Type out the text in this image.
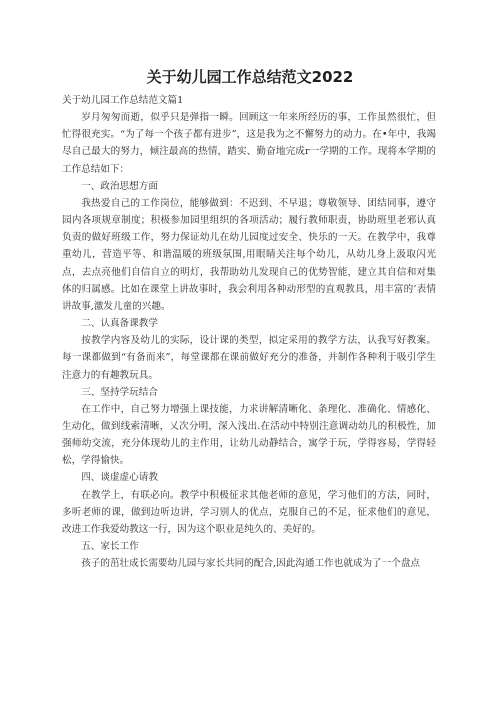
关于幼儿园工作总结范文2022

关于幼儿园工作总结范文篇1

岁月匆匆而逝，似乎只是弹指一瞬。回顾这一年来所经历的事，工作虽然很忙，但忙得很充实。“为了每一个孩子都有进步”，这是我为之不懈努力的动力。在•年中，我竭尽自己最大的努力，倾注最高的热情，踏实、勤奋地完成r一学期的工作。现将本学期的工作总结如下：

一、政治思想方面

我热爱自己的工作岗位，能够做到：不迟到、不早退；尊敬领导、团结同事，遵守园内各项规章制度；积极参加园里组织的各项活动；履行教师职责，协助班里老邪认真负责的做好班级工作，努力保证幼儿在幼儿园度过安全、快乐的一天。在教学中，我尊重幼儿，营造平等、和谐温暖的班级氛围,用眼睛关注每个幼儿，从幼儿身上汲取闪光点，去点亮他们自信自立的明灯，我帮助幼儿发现自己的优势智能，建立其自信和对集体的归属感。比如在课堂上讲故事时，我会利用各种动形型的直观教具，用丰富的’表情讲故事,激发儿童的兴趣。

二、认真备课教学

按教学内容及幼儿的实际，设计课的类型，拟定采用的教学方法，认我写好教案。每一课都做到“有备而来”，每堂课都在课前做好充分的准备，并制作各种利于吸引学生注意力的有趣教玩具。

三、坚持学玩结合

在工作中，自己努力增强上课技能，力求讲解清晰化、条理化、准确化、情感化、生动化，做到线索清晰，乂次分明，深入浅出.在活动中特别注意调动幼儿的积极性，加强师幼交流，充分体现幼儿的主作用，让幼儿动静结合，寓学于玩，学得容易，学得轻松，学得愉快。

四、谈虚虚心请教

在教学上，有联必向。教学中积极征求其他老师的意见，学习他们的方法，同时，多听老师的课，做到边听边讲，学习别人的优点，克服自己的不足，征求他们的意见，改进工作我爱幼教这一行，因为这个职业是纯久的、美好的。

五、家长工作

孩子的茁壮成长需要幼儿园与家长共同的配合,因此沟通工作也就成为了一个盘点
